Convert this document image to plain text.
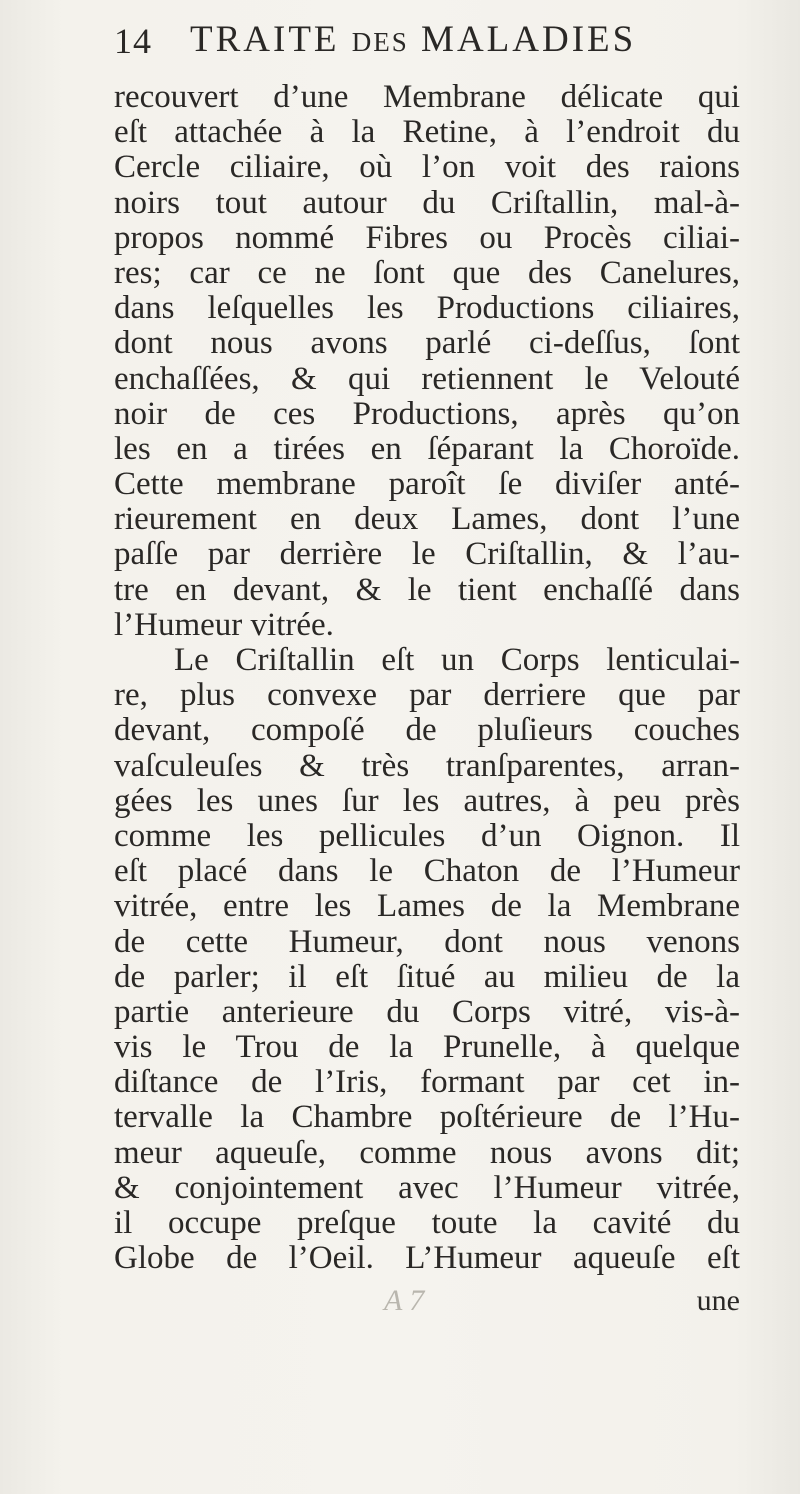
14 TRAITE DES MALADIES
recouvert d’une Membrane délicate qui
eſt attachée à la Retine, à l’endroit du
Cercle ciliaire, où l’on voit des raions
noirs tout autour du Criſtallin, mal-à-
propos nommé Fibres ou Procès ciliai-
res; car ce ne ſont que des Canelures,
dans leſquelles les Productions ciliaires,
dont nous avons parlé ci-deſſus, ſont
enchaſſées, & qui retiennent le Velouté
noir de ces Productions, après qu’on
les en a tirées en ſéparant la Choroïde.
Cette membrane paroît ſe diviſer anté-
rieurement en deux Lames, dont l’une
paſſe par derrière le Criſtallin, & l’au-
tre en devant, & le tient enchaſſé dans
l’Humeur vitrée.
Le Criſtallin eſt un Corps lenticulai-
re, plus convexe par derriere que par
devant, compoſé de pluſieurs couches
vaſculeuſes & très tranſparentes, arran-
gées les unes ſur les autres, à peu près
comme les pellicules d’un Oignon. Il
eſt placé dans le Chaton de l’Humeur
vitrée, entre les Lames de la Membrane
de cette Humeur, dont nous venons
de parler; il eſt ſitué au milieu de la
partie anterieure du Corps vitré, vis-à-
vis le Trou de la Prunelle, à quelque
diſtance de l’Iris, formant par cet in-
tervalle la Chambre poſtérieure de l’Hu-
meur aqueuſe, comme nous avons dit;
& conjointement avec l’Humeur vitrée,
il occupe preſque toute la cavité du
Globe de l’Oeil. L’Humeur aqueuſe eſt
A 7	une
